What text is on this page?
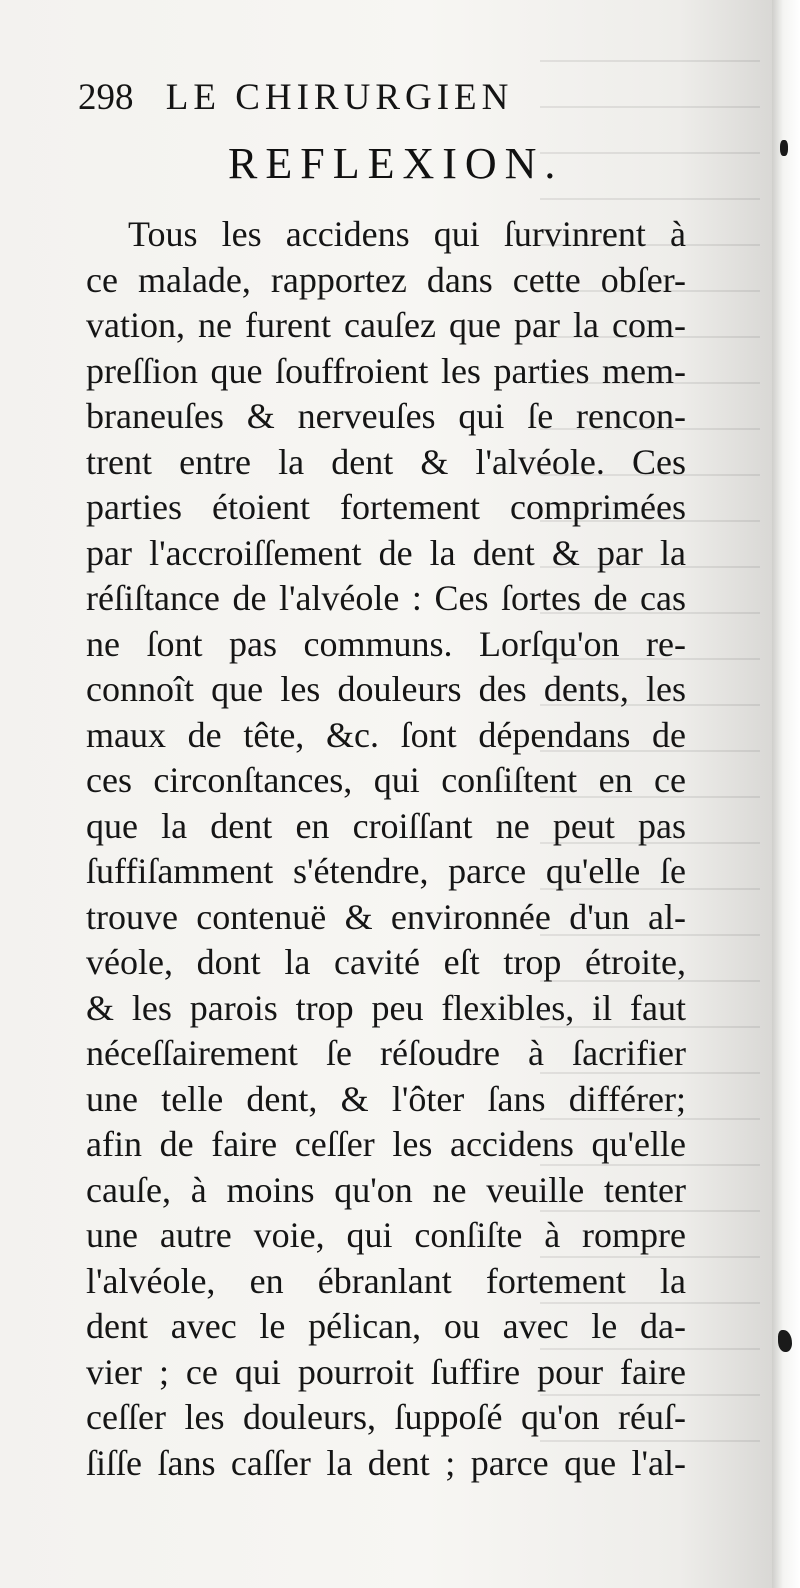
298 LE CHIRURGIEN
REFLEXION.
Tous les accidens qui ſurvinrent à
ce malade, rapportez dans cette obſer-
vation, ne furent cauſez que par la com-
preſſion que ſouffroient les parties mem-
braneuſes & nerveuſes qui ſe rencon-
trent entre la dent & l'alvéole. Ces
parties étoient fortement comprimées
par l'accroiſſement de la dent & par la
réſiſtance de l'alvéole : Ces ſortes de cas
ne ſont pas communs. Lorſqu'on re-
connoît que les douleurs des dents, les
maux de tête, &c. ſont dépendans de
ces circonſtances, qui conſiſtent en ce
que la dent en croiſſant ne peut pas
ſuffiſamment s'étendre, parce qu'elle ſe
trouve contenuë & environnée d'un al-
véole, dont la cavité eſt trop étroite,
& les parois trop peu flexibles, il faut
néceſſairement ſe réſoudre à ſacrifier
une telle dent, & l'ôter ſans différer;
afin de faire ceſſer les accidens qu'elle
cauſe, à moins qu'on ne veuille tenter
une autre voie, qui conſiſte à rompre
l'alvéole, en ébranlant fortement la
dent avec le pélican, ou avec le da-
vier ; ce qui pourroit ſuffire pour faire
ceſſer les douleurs, ſuppoſé qu'on réuſ-
ſiſſe ſans caſſer la dent ; parce que l'al-
